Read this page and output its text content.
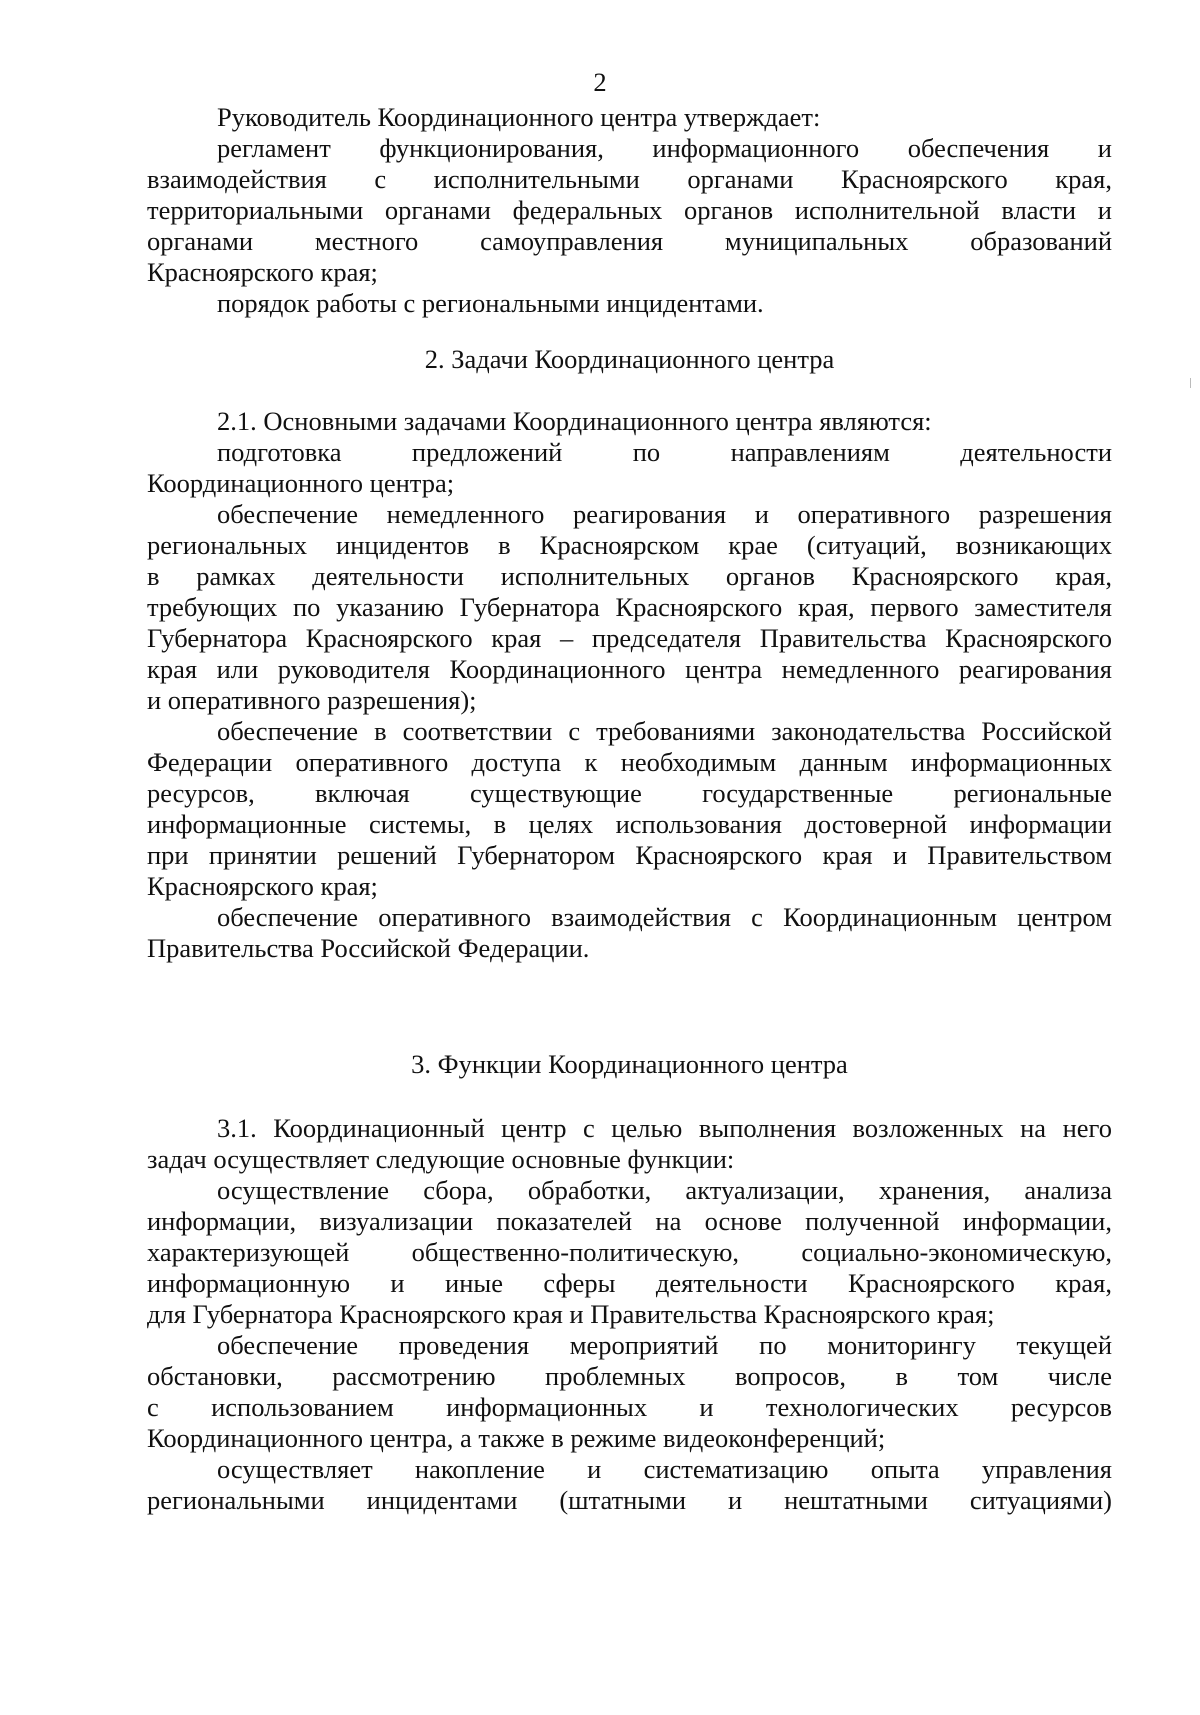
2
Руководитель Координационного центра утверждает:
регламент функционирования, информационного обеспечения и
взаимодействия с исполнительными органами Красноярского края,
территориальными органами федеральных органов исполнительной власти и
органами местного самоуправления муниципальных образований
Красноярского края;
порядок работы с региональными инцидентами.

2. Задачи Координационного центра

2.1. Основными задачами Координационного центра являются:
подготовка предложений по направлениям деятельности
Координационного центра;
обеспечение немедленного реагирования и оперативного разрешения
региональных инцидентов в Красноярском крае (ситуаций, возникающих
в рамках деятельности исполнительных органов Красноярского края,
требующих по указанию Губернатора Красноярского края, первого заместителя
Губернатора Красноярского края – председателя Правительства Красноярского
края или руководителя Координационного центра немедленного реагирования
и оперативного разрешения);
обеспечение в соответствии с требованиями законодательства Российской
Федерации оперативного доступа к необходимым данным информационных
ресурсов, включая существующие государственные региональные
информационные системы, в целях использования достоверной информации
при принятии решений Губернатором Красноярского края и Правительством
Красноярского края;
обеспечение оперативного взаимодействия с Координационным центром
Правительства Российской Федерации.

3. Функции Координационного центра

3.1. Координационный центр с целью выполнения возложенных на него
задач осуществляет следующие основные функции:
осуществление сбора, обработки, актуализации, хранения, анализа
информации, визуализации показателей на основе полученной информации,
характеризующей общественно-политическую, социально-экономическую,
информационную и иные сферы деятельности Красноярского края,
для Губернатора Красноярского края и Правительства Красноярского края;
обеспечение проведения мероприятий по мониторингу текущей
обстановки, рассмотрению проблемных вопросов, в том числе
с использованием информационных и технологических ресурсов
Координационного центра, а также в режиме видеоконференций;
осуществляет накопление и систематизацию опыта управления
региональными инцидентами (штатными и нештатными ситуациями)
